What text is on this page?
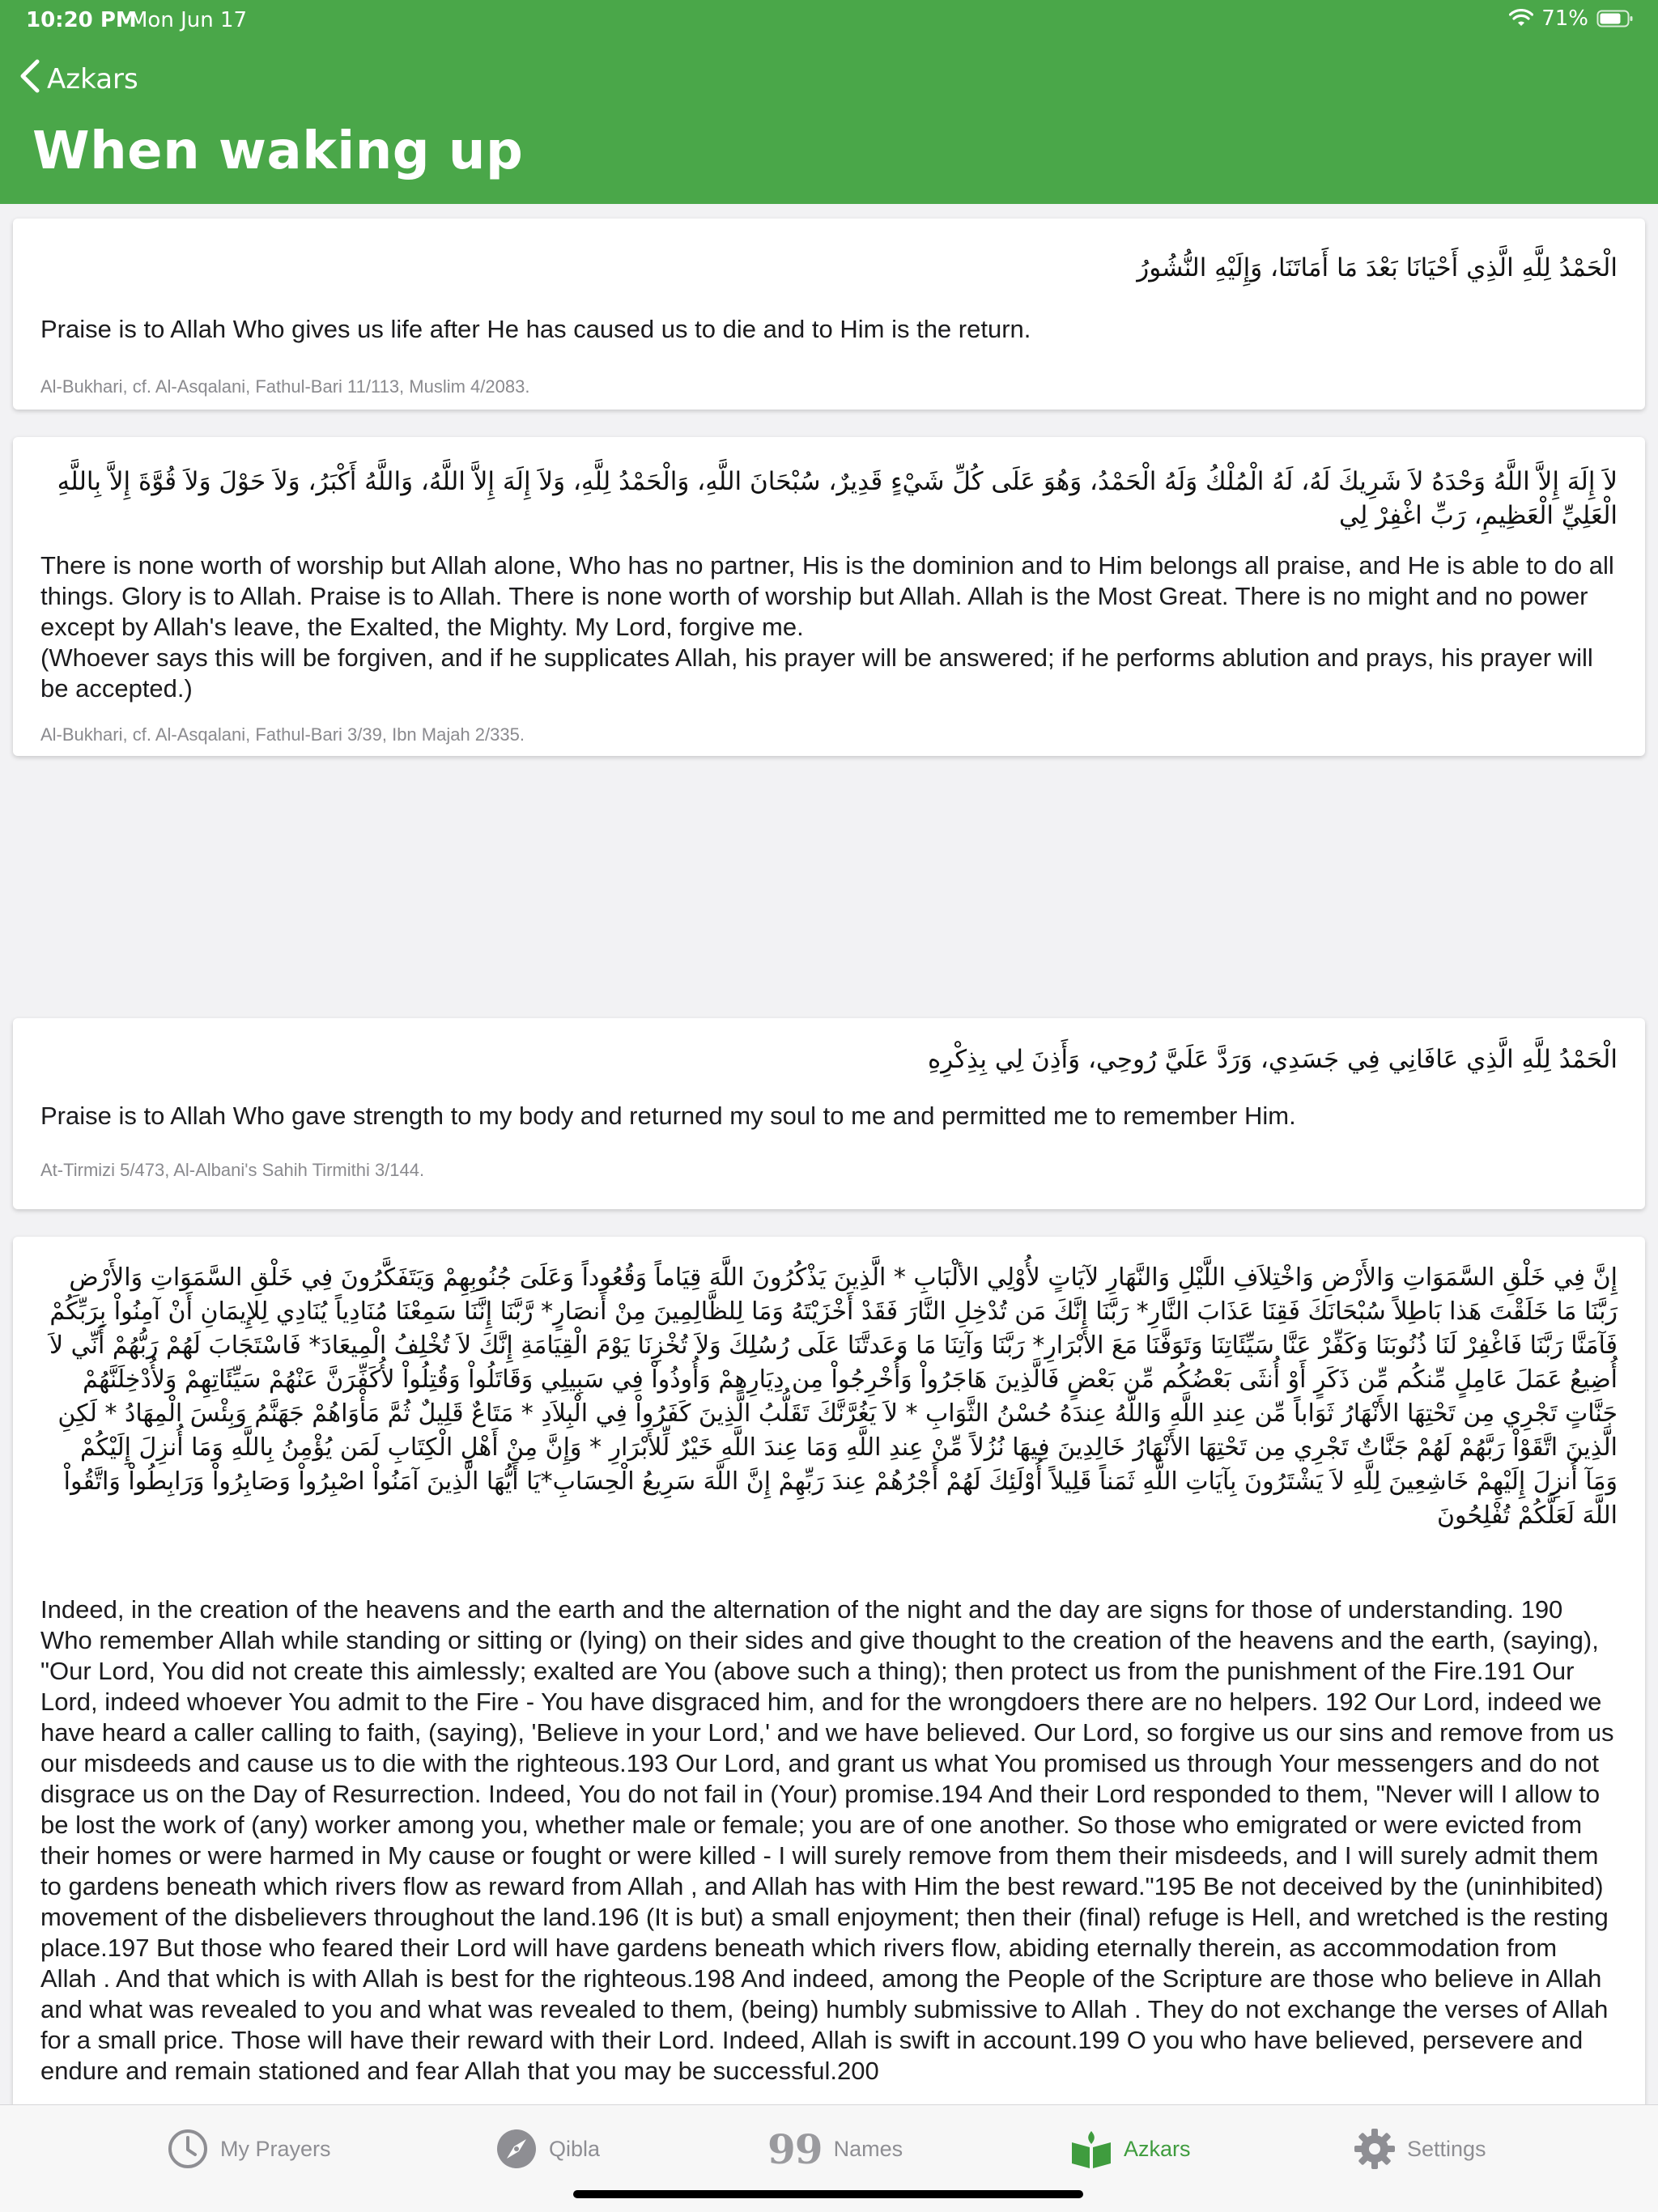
10:20 PM
Mon Jun 17	71%
Azkars
When waking up

الْحَمْدُ لِلَّهِ الَّذِي أَحْيَانَا بَعْدَ مَا أَمَاتَنَا، وَإِلَيْهِ النُّشُورُ

Praise is to Allah Who gives us life after He has caused us to die and to Him is the return.

Al-Bukhari, cf. Al-Asqalani, Fathul-Bari 11/113, Muslim 4/2083.

لاَ إِلَهَ إِلاَّ اللَّهُ وَحْدَهُ لاَ شَرِيكَ لَهُ، لَهُ الْمُلْكُ وَلَهُ الْحَمْدُ، وَهُوَ عَلَى كُلِّ شَيْءٍ قَدِيرٌ، سُبْحَانَ اللَّهِ، وَالْحَمْدُ لِلَّهِ، وَلاَ إِلَهَ إِلاَّ اللَّهُ، وَاللَّهُ أَكْبَرُ، وَلاَ حَوْلَ وَلاَ قُوَّةَ إِلاَّ بِاللَّهِ الْعَلِيِّ الْعَظِيمِ، رَبِّ اغْفِرْ لِي

There is none worth of worship but Allah alone, Who has no partner, His is the dominion and to Him belongs all praise, and He is able to do all things. Glory is to Allah. Praise is to Allah. There is none worth of worship but Allah. Allah is the Most Great. There is no might and no power except by Allah's leave, the Exalted, the Mighty. My Lord, forgive me.
(Whoever says this will be forgiven, and if he supplicates Allah, his prayer will be answered; if he performs ablution and prays, his prayer will be accepted.)

Al-Bukhari, cf. Al-Asqalani, Fathul-Bari 3/39, Ibn Majah 2/335.

الْحَمْدُ لِلَّهِ الَّذِي عَافَانِي فِي جَسَدِي، وَرَدَّ عَلَيَّ رُوحِي، وَأَذِنَ لِي بِذِكْرِهِ

Praise is to Allah Who gave strength to my body and returned my soul to me and permitted me to remember Him.

At-Tirmizi 5/473, Al-Albani's Sahih Tirmithi 3/144.

إِنَّ فِي خَلْقِ السَّمَوَاتِ وَالأَرْضِ وَاخْتِلاَفِ اللَّيْلِ وَالنَّهَارِ لآيَاتٍ لأُوْلِي الألْبَابِ * الَّذِينَ يَذْكُرُونَ اللَّهَ قِيَاماً وَقُعُوداً وَعَلَىَ جُنُوبِهِمْ وَيَتَفَكَّرُونَ فِي خَلْقِ السَّمَوَاتِ وَالأَرْضِ رَبَّنَا مَا خَلَقْتَ هَذا بَاطِلاً سُبْحَانَكَ فَقِنَا عَذَابَ النَّارِ* رَبَّنَا إِنَّكَ مَن تُدْخِلِ النَّارَ فَقَدْ أَخْزَيْتَهُ وَمَا لِلظَّالِمِينَ مِنْ أَنصَارٍ* رَّبَّنَا إِنَّنَا سَمِعْنَا مُنَادِياً يُنَادِي لِلإِيمَانِ أَنْ آمِنُواْ بِرَبِّكُمْ فَآمَنَّا رَبَّنَا فَاغْفِرْ لَنَا ذُنُوبَنَا وَكَفِّرْ عَنَّا سَيِّئَاتِنَا وَتَوَفَّنَا مَعَ الأبْرَارِ* رَبَّنَا وَآتِنَا مَا وَعَدتَّنَا عَلَى رُسُلِكَ وَلاَ تُخْزِنَا يَوْمَ الْقِيَامَةِ إِنَّكَ لاَ تُخْلِفُ الْمِيعَادَ* فَاسْتَجَابَ لَهُمْ رَبُّهُمْ أَنِّي لاَ أُضِيعُ عَمَلَ عَامِلٍ مِّنكُم مِّن ذَكَرٍ أَوْ أُنثَى بَعْضُكُم مِّن بَعْضٍ فَالَّذِينَ هَاجَرُواْ وَأُخْرِجُواْ مِن دِيَارِهِمْ وَأُوذُواْ فِي سَبِيلِي وَقَاتَلُواْ وَقُتِلُواْ لأُكَفِّرَنَّ عَنْهُمْ سَيِّئَاتِهِمْ وَلأُدْخِلَنَّهُمْ جَنَّاتٍ تَجْرِي مِن تَحْتِهَا الأَنْهَارُ ثَوَاباً مِّن عِندِ اللَّهِ وَاللَّهُ عِندَهُ حُسْنُ الثَّوَابِ * لاَ يَغُرَّنَّكَ تَقَلُّبُ الَّذِينَ كَفَرُواْ فِي الْبِلاَدِ * مَتَاعٌ قَلِيلٌ ثُمَّ مَأْوَاهُمْ جَهَنَّمُ وَبِئْسَ الْمِهَادُ * لَكِنِ الَّذِينَ اتَّقَوْاْ رَبَّهُمْ لَهُمْ جَنَّاتٌ تَجْرِي مِن تَحْتِهَا الأَنْهَارُ خَالِدِينَ فِيهَا نُزُلاً مِّنْ عِندِ اللَّهِ وَمَا عِندَ اللَّهِ خَيْرٌ لِّلأَبْرَارِ * وَإِنَّ مِنْ أَهْلِ الْكِتَابِ لَمَن يُؤْمِنُ بِاللَّهِ وَمَا أُنزِلَ إِلَيْكُمْ وَمَآ أُنزِلَ إِلَيْهِمْ خَاشِعِينَ لِلَّهِ لاَ يَشْتَرُونَ بِآيَاتِ اللَّهِ ثَمَناً قَلِيلاً أُوْلَئِكَ لَهُمْ أَجْرُهُمْ عِندَ رَبِّهِمْ إِنَّ اللَّهَ سَرِيعُ الْحِسَابِ*يَا أَيُّهَا الَّذِينَ آمَنُواْ اصْبِرُواْ وَصَابِرُواْ وَرَابِطُواْ وَاتَّقُواْ اللَّهَ لَعَلَّكُمْ تُفْلِحُونَ

Indeed, in the creation of the heavens and the earth and the alternation of the night and the day are signs for those of understanding. 190 Who remember Allah while standing or sitting or (lying) on their sides and give thought to the creation of the heavens and the earth, (saying), "Our Lord, You did not create this aimlessly; exalted are You (above such a thing); then protect us from the punishment of the Fire.191 Our Lord, indeed whoever You admit to the Fire - You have disgraced him, and for the wrongdoers there are no helpers. 192 Our Lord, indeed we have heard a caller calling to faith, (saying), 'Believe in your Lord,' and we have believed. Our Lord, so forgive us our sins and remove from us our misdeeds and cause us to die with the righteous.193 Our Lord, and grant us what You promised us through Your messengers and do not disgrace us on the Day of Resurrection. Indeed, You do not fail in (Your) promise.194 And their Lord responded to them, "Never will I allow to be lost the work of (any) worker among you, whether male or female; you are of one another. So those who emigrated or were evicted from their homes or were harmed in My cause or fought or were killed - I will surely remove from them their misdeeds, and I will surely admit them to gardens beneath which rivers flow as reward from Allah , and Allah has with Him the best reward."195 Be not deceived by the (uninhibited) movement of the disbelievers throughout the land.196 (It is but) a small enjoyment; then their (final) refuge is Hell, and wretched is the resting place.197 But those who feared their Lord will have gardens beneath which rivers flow, abiding eternally therein, as accommodation from Allah . And that which is with Allah is best for the righteous.198 And indeed, among the People of the Scripture are those who believe in Allah and what was revealed to you and what was revealed to them, (being) humbly submissive to Allah . They do not exchange the verses of Allah for a small price. Those will have their reward with their Lord. Indeed, Allah is swift in account.199 O you who have believed, persevere and endure and remain stationed and fear Allah that you may be successful.200

My Prayers	Qibla	99 Names	Azkars	Settings
